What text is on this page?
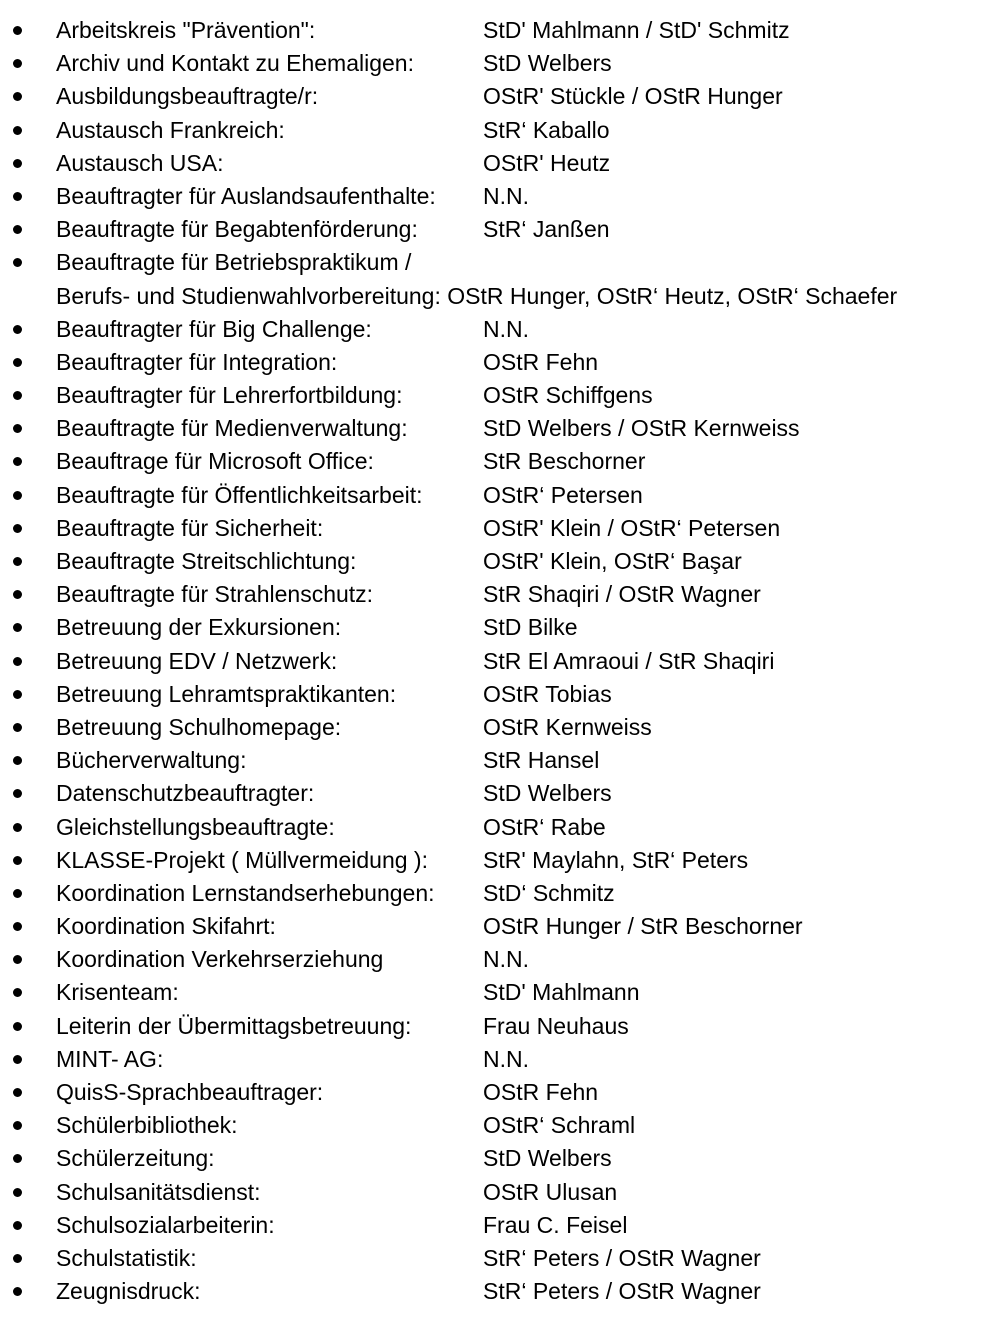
Arbeitskreis "Prävention":	StD' Mahlmann / StD' Schmitz
Archiv und Kontakt zu Ehemaligen:	StD Welbers
Ausbildungsbeauftragte/r:	OStR' Stückle / OStR Hunger
Austausch Frankreich:	StR‘ Kaballo
Austausch USA:	OStR' Heutz
Beauftragter für Auslandsaufenthalte: N.N.
Beauftragte für Begabtenförderung:	StR‘ Janßen
Beauftragte für Betriebspraktikum /
Berufs- und Studienwahlvorbereitung: OStR Hunger, OStR‘ Heutz, OStR‘ Schaefer
Beauftragter für Big Challenge:	N.N.
Beauftragter für Integration:	OStR Fehn
Beauftragter für Lehrerfortbildung:	OStR Schiffgens
Beauftragte für Medienverwaltung:	StD Welbers / OStR Kernweiss
Beauftrage für Microsoft Office:	StR Beschorner
Beauftragte für Öffentlichkeitsarbeit:	OStR‘ Petersen
Beauftragte für Sicherheit:	OStR' Klein / OStR‘ Petersen
Beauftragte Streitschlichtung:	OStR' Klein, OStR‘ Başar
Beauftragte für Strahlenschutz:	StR Shaqiri / OStR Wagner
Betreuung der Exkursionen:	StD Bilke
Betreuung EDV / Netzwerk:	StR El Amraoui / StR Shaqiri
Betreuung Lehramtspraktikanten:	OStR Tobias
Betreuung Schulhomepage:	OStR Kernweiss
Bücherverwaltung:	StR Hansel
Datenschutzbeauftragter:	StD Welbers
Gleichstellungsbeauftragte:	OStR‘ Rabe
KLASSE-Projekt ( Müllvermeidung ): StR' Maylahn, StR‘ Peters
Koordination Lernstandserhebungen: StD‘ Schmitz
Koordination Skifahrt:	OStR Hunger / StR Beschorner
Koordination Verkehrserziehung	N.N.
Krisenteam:	StD' Mahlmann
Leiterin der Übermittagsbetreuung:	Frau Neuhaus
MINT- AG:	N.N.
QuisS-Sprachbeauftrager:	OStR Fehn
Schülerbibliothek:	OStR‘ Schraml
Schülerzeitung:	StD Welbers
Schulsanitätsdienst:	OStR Ulusan
Schulsozialarbeiterin:	Frau C. Feisel
Schulstatistik:	StR‘ Peters / OStR Wagner
Zeugnisdruck:	StR‘ Peters / OStR Wagner
